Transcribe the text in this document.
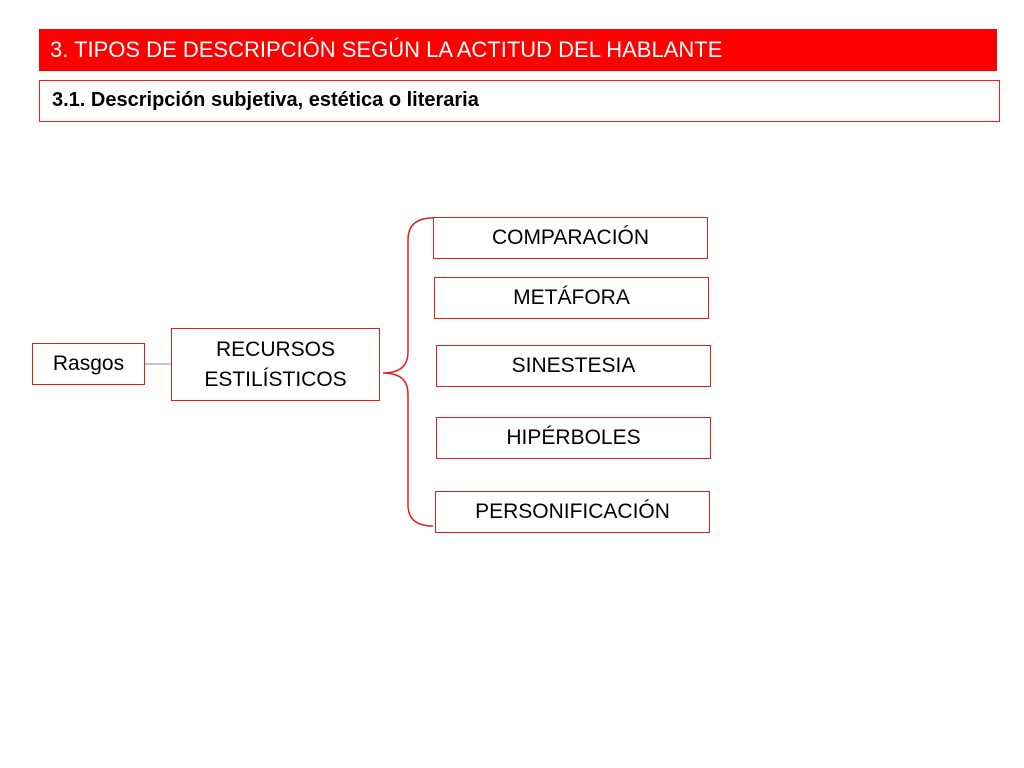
3. TIPOS DE DESCRIPCIÓN SEGÚN LA ACTITUD DEL HABLANTE
3.1. Descripción subjetiva, estética o literaria
Rasgos
RECURSOS
ESTILÍSTICOS
COMPARACIÓN
METÁFORA
SINESTESIA
HIPÉRBOLES
PERSONIFICACIÓN
